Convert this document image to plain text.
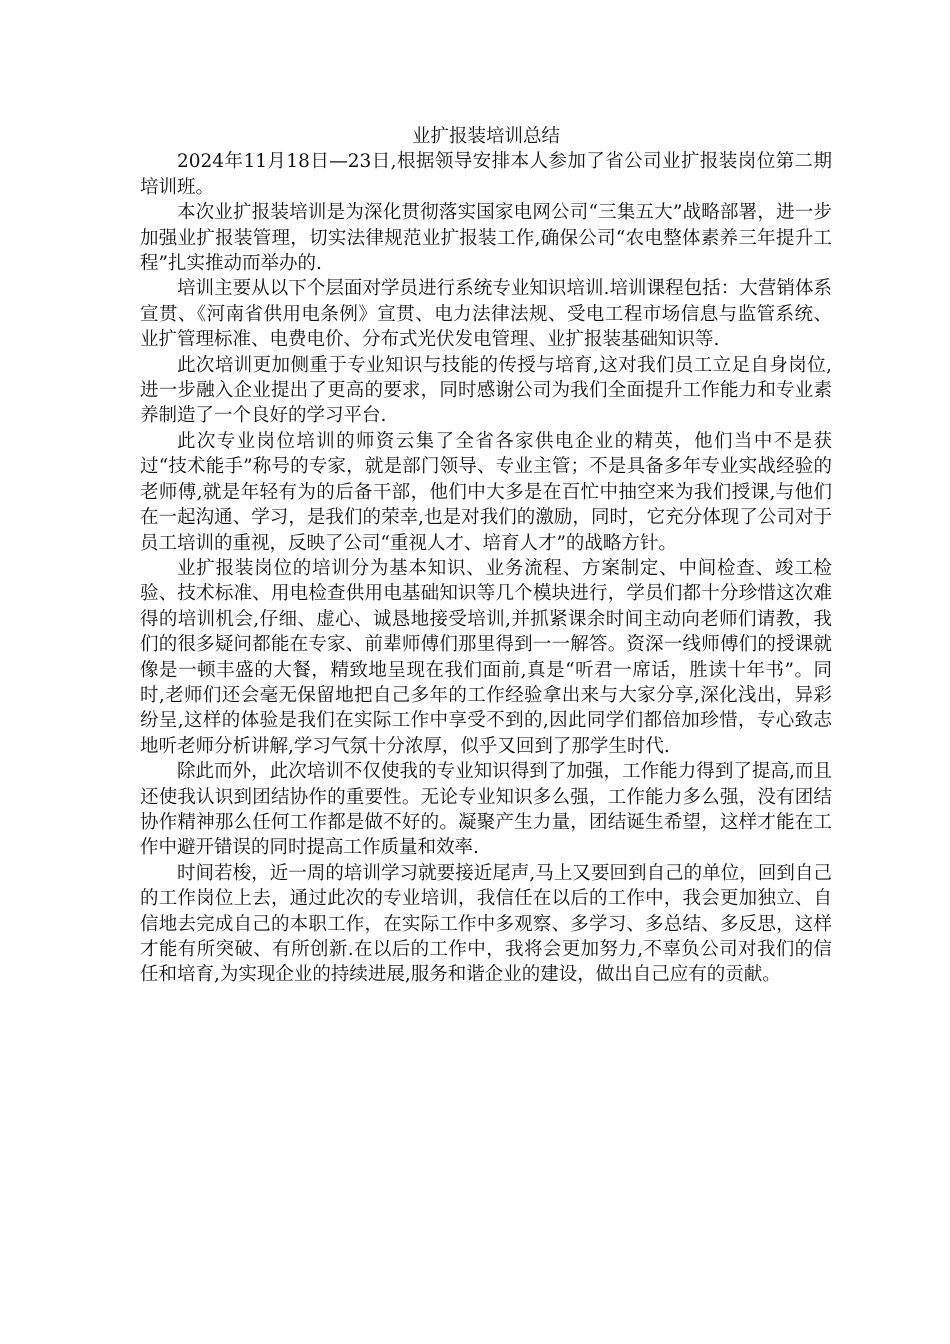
业扩报装培训总结

2024年11月18日—23日,根据领导安排本人参加了省公司业扩报装岗位第二期培训班。

本次业扩报装培训是为深化贯彻落实国家电网公司“三集五大”战略部署，进一步加强业扩报装管理，切实法律规范业扩报装工作,确保公司“农电整体素养三年提升工程”扎实推动而举办的.

培训主要从以下个层面对学员进行系统专业知识培训.培训课程包括：大营销体系宣贯、《河南省供用电条例》宣贯、电力法律法规、受电工程市场信息与监管系统、业扩管理标准、电费电价、分布式光伏发电管理、业扩报装基础知识等.

此次培训更加侧重于专业知识与技能的传授与培育,这对我们员工立足自身岗位,进一步融入企业提出了更高的要求，同时感谢公司为我们全面提升工作能力和专业素养制造了一个良好的学习平台.

此次专业岗位培训的师资云集了全省各家供电企业的精英，他们当中不是获过“技术能手”称号的专家，就是部门领导、专业主管；不是具备多年专业实战经验的老师傅,就是年轻有为的后备干部，他们中大多是在百忙中抽空来为我们授课,与他们在一起沟通、学习，是我们的荣幸,也是对我们的激励，同时，它充分体现了公司对于员工培训的重视，反映了公司“重视人才、培育人才”的战略方针。

业扩报装岗位的培训分为基本知识、业务流程、方案制定、中间检查、竣工检验、技术标准、用电检查供用电基础知识等几个模块进行，学员们都十分珍惜这次难得的培训机会,仔细、虚心、诚恳地接受培训,并抓紧课余时间主动向老师们请教，我们的很多疑问都能在专家、前辈师傅们那里得到一一解答。资深一线师傅们的授课就像是一顿丰盛的大餐，精致地呈现在我们面前,真是“听君一席话，胜读十年书”。同时,老师们还会毫无保留地把自己多年的工作经验拿出来与大家分享,深化浅出，异彩纷呈,这样的体验是我们在实际工作中享受不到的,因此同学们都倍加珍惜，专心致志地听老师分析讲解,学习气氛十分浓厚，似乎又回到了那学生时代.

除此而外，此次培训不仅使我的专业知识得到了加强，工作能力得到了提高,而且还使我认识到团结协作的重要性。无论专业知识多么强，工作能力多么强，没有团结协作精神那么任何工作都是做不好的。凝聚产生力量，团结诞生希望，这样才能在工作中避开错误的同时提高工作质量和效率.

时间若梭，近一周的培训学习就要接近尾声,马上又要回到自己的单位，回到自己的工作岗位上去，通过此次的专业培训，我信任在以后的工作中，我会更加独立、自信地去完成自己的本职工作，在实际工作中多观察、多学习、多总结、多反思，这样才能有所突破、有所创新.在以后的工作中，我将会更加努力,不辜负公司对我们的信任和培育,为实现企业的持续进展,服务和谐企业的建设，做出自己应有的贡献。
